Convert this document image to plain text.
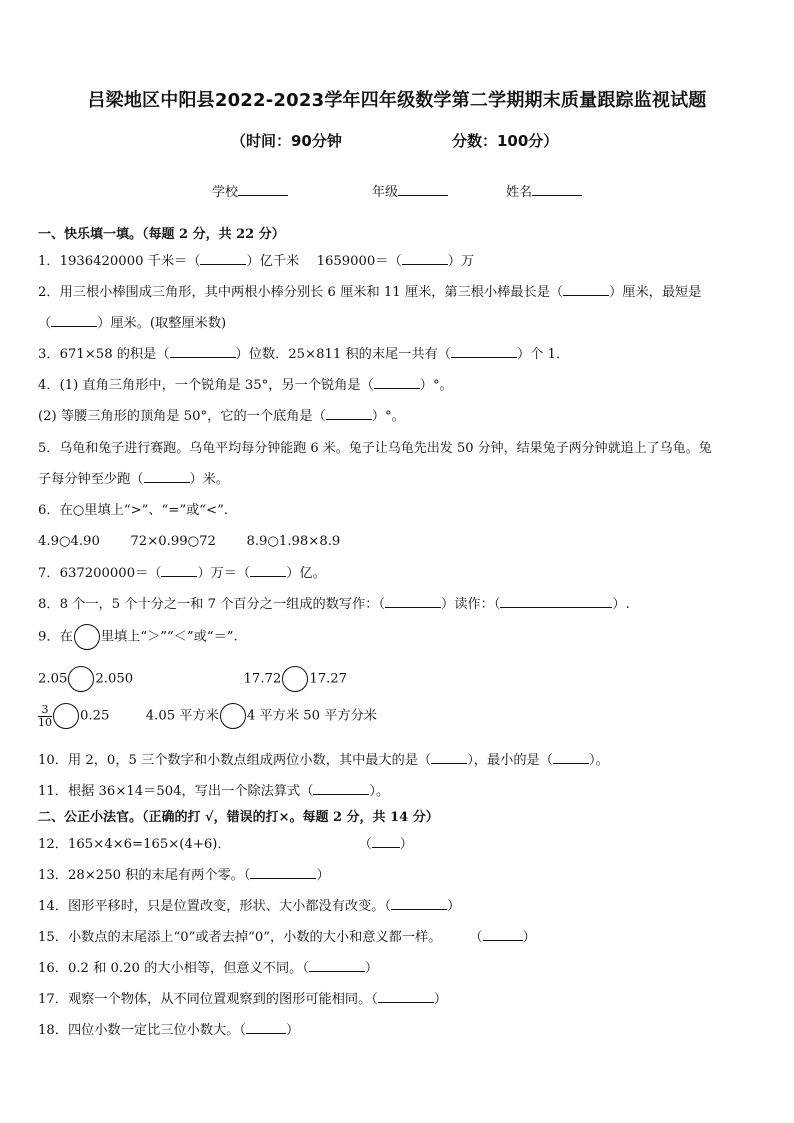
吕梁地区中阳县2022-2023学年四年级数学第二学期期末质量跟踪监视试题
（时间：90分钟	分数：100分）
学校	年级	姓名
一、快乐填一填。（每题 2 分，共 22 分）
1．1936420000 千米＝（	）亿千米　 1659000＝（	）万
2．用三根小棒围成三角形，其中两根小棒分别长 6 厘米和 11 厘米，第三根小棒最长是（	）厘米，最短是
（	）厘米。(取整厘米数)
3．671×58 的积是（	）位数．25×811 积的末尾一共有（	）个 1．
4．(1) 直角三角形中，一个锐角是 35°，另一个锐角是（	）°。
(2) 等腰三角形的顶角是 50°，它的一个底角是（	）°。
5．乌龟和兔子进行赛跑。乌龟平均每分钟能跑 6 米。兔子让乌龟先出发 50 分钟，结果兔子两分钟就追上了乌龟。兔
子每分钟至少跑（	）米。
6．在○里填上“>”、“=”或“<”.
4.9○4.90　　 72×0.99○72　　 8.9○1.98×8.9
7．637200000＝（	）万＝（	）亿。
8．8 个一，5 个十分之一和 7 个百分之一组成的数写作：（	）读作：（	）.
9．在 里填上“＞”“＜”或“＝”.
2.05 2.050	17.72 17.27
$\frac{3}{10} 0.25$	4.05 平方米 4 平方米 50 平方分米
10．用 2，0，5 三个数字和小数点组成两位小数，其中最大的是（	），最小的是（	）。
11．根据 36×14＝504，写出一个除法算式（	）。
二、公正小法官。（正确的打 √，错误的打×。每题 2 分，共 14 分）
12．165×4×6=165×(4+6)．	（ ）
13．28×250 积的末尾有两个零。（	）
14．图形平移时，只是位置改变，形状、大小都没有改变。（	）
15．小数点的末尾添上“0”或者去掉“0”，小数的大小和意义都一样。 （	）
16．0.2 和 0.20 的大小相等，但意义不同。（	）
17．观察一个物体，从不同位置观察到的图形可能相同。（	）
18．四位小数一定比三位小数大。（	）
